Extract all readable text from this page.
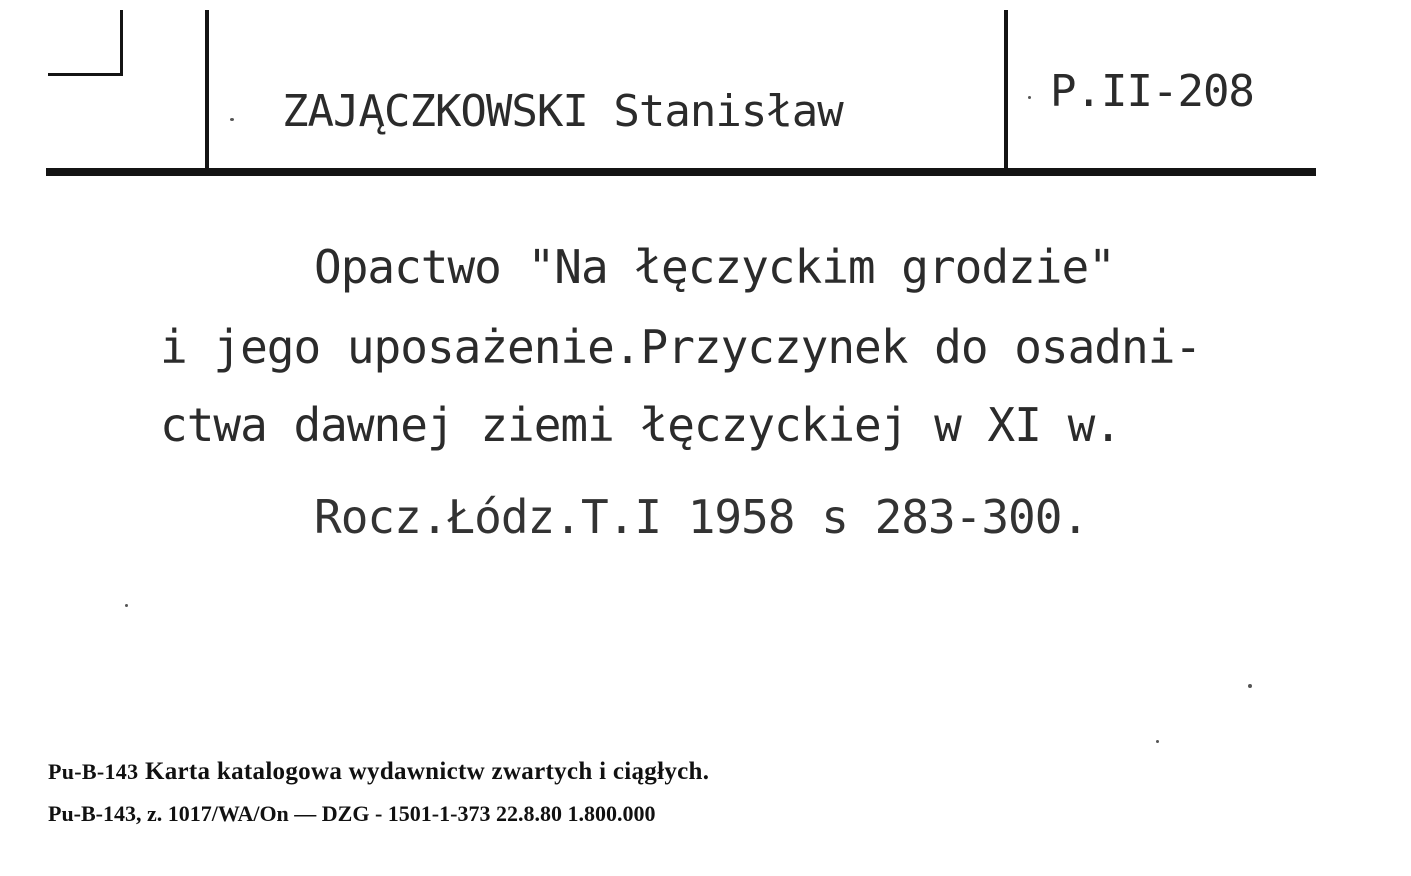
ZAJĄCZKOWSKI Stanisław	P.II-208
Opactwo "Na łęczyckim grodzie"
i jego uposażenie.Przyczynek do osadni-
ctwa dawnej ziemi łęczyckiej w XI w.
Rocz.Łódz.T.I 1958 s 283-300.
Pu-B-143 Karta katalogowa wydawnictw zwartych i ciągłych.
Pu-B-143, z. 1017/WA/On — DZG - 1501-1-373 22.8.80 1.800.000
